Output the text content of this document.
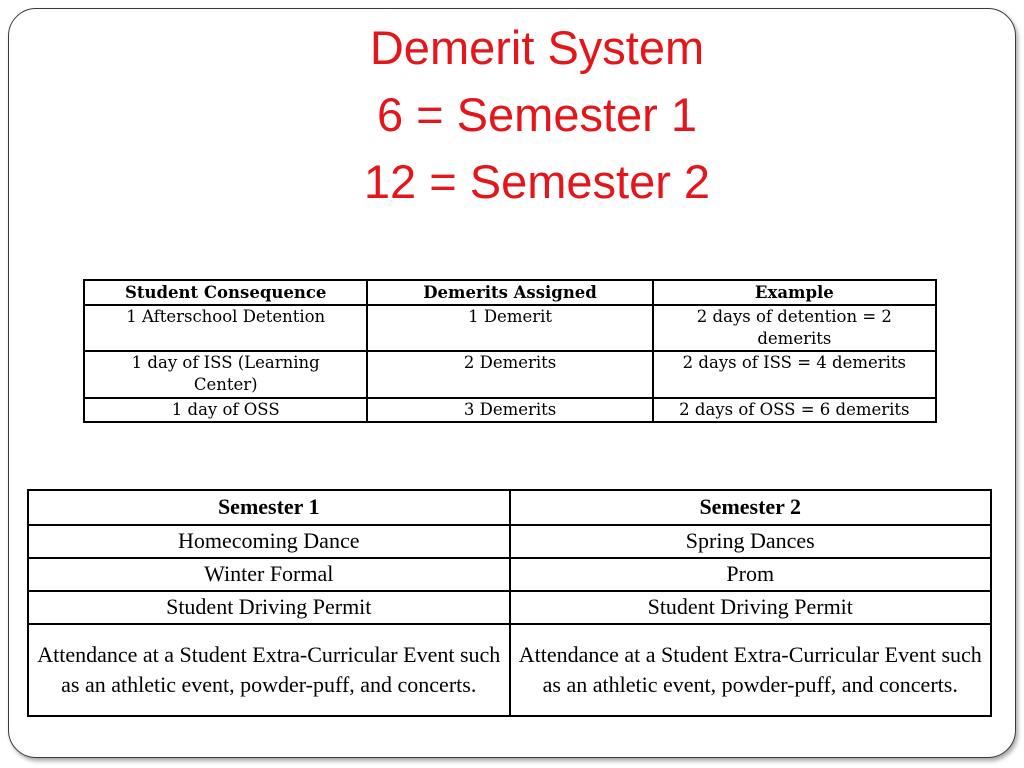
Demerit System
6 = Semester 1
12 = Semester 2
Student Consequence	Demerits Assigned	Example
1 Afterschool Detention	1 Demerit	2 days of detention = 2 demerits
1 day of ISS (Learning Center)	2 Demerits	2 days of ISS = 4 demerits
1 day of OSS	3 Demerits	2 days of OSS = 6 demerits
Semester 1	Semester 2
Homecoming Dance	Spring Dances
Winter Formal	Prom
Student Driving Permit	Student Driving Permit
Attendance at a Student Extra-Curricular Event such as an athletic event, powder-puff, and concerts.	Attendance at a Student Extra-Curricular Event such as an athletic event, powder-puff, and concerts.
